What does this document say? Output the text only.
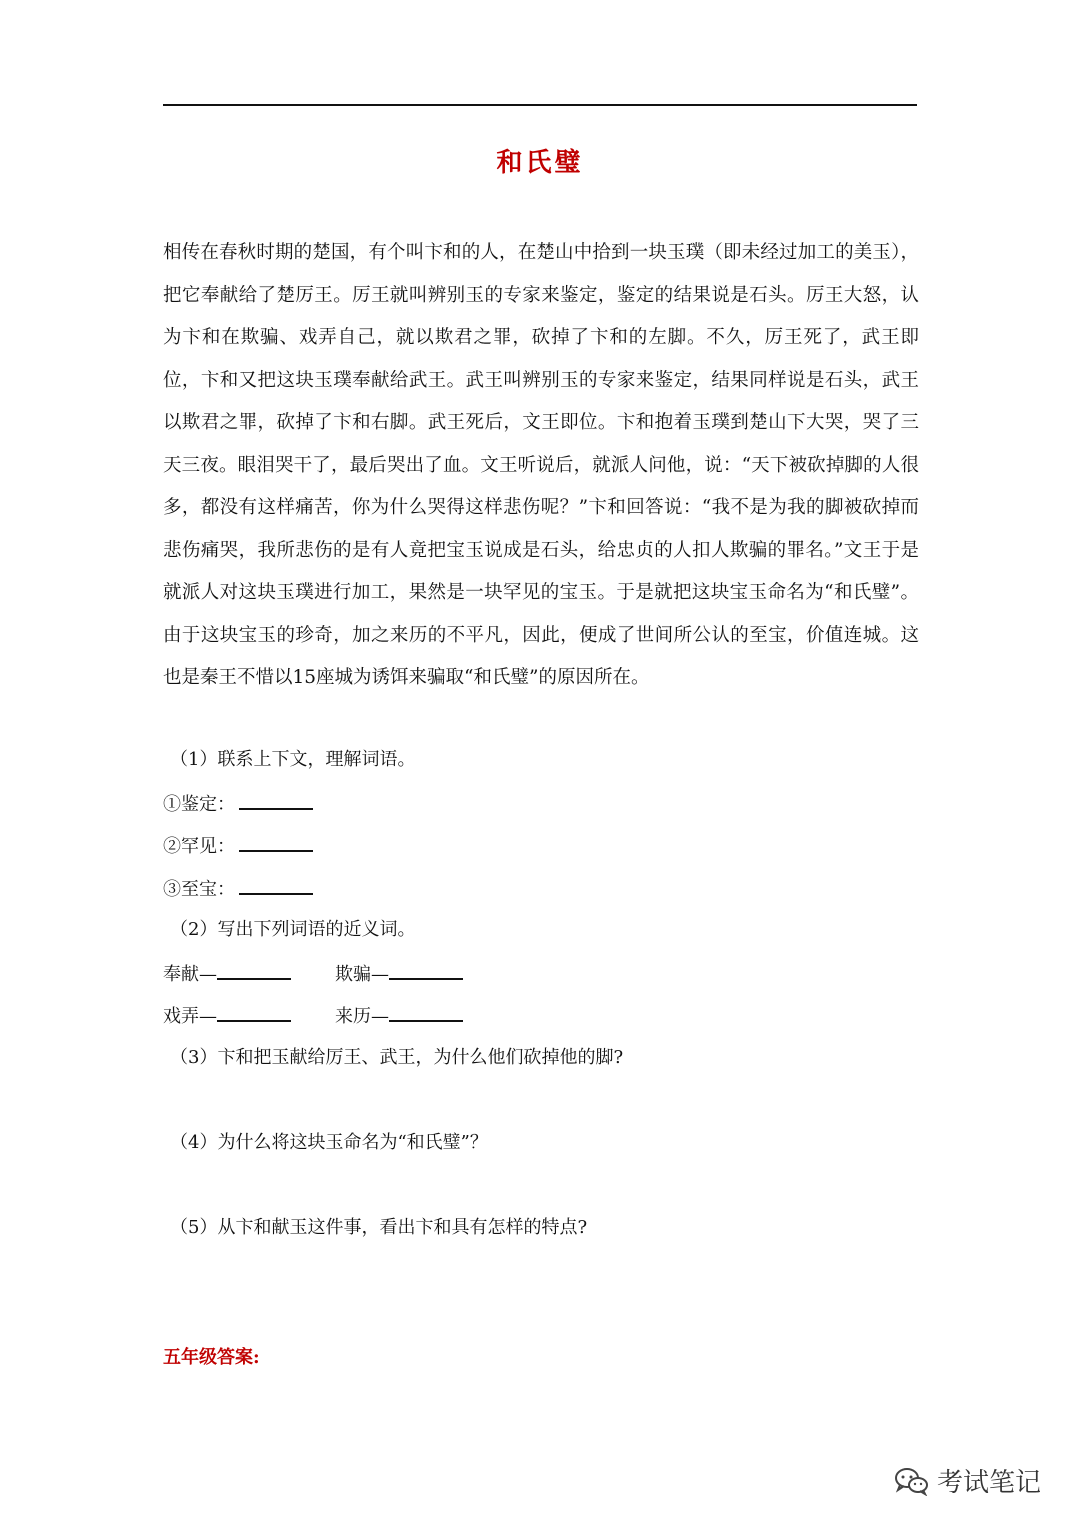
和氏璧

相传在春秋时期的楚国，有个叫卞和的人，在楚山中拾到一块玉璞（即未经过加工的美玉），把它奉献给了楚厉王。厉王就叫辨别玉的专家来鉴定，鉴定的结果说是石头。厉王大怒，认为卞和在欺骗、戏弄自己，就以欺君之罪，砍掉了卞和的左脚。不久，厉王死了，武王即位，卞和又把这块玉璞奉献给武王。武王叫辨别玉的专家来鉴定，结果同样说是石头，武王以欺君之罪，砍掉了卞和右脚。武王死后，文王即位。卞和抱着玉璞到楚山下大哭，哭了三天三夜。眼泪哭干了，最后哭出了血。文王听说后，就派人问他，说：“天下被砍掉脚的人很多，都没有这样痛苦，你为什么哭得这样悲伤呢？”卞和回答说：“我不是为我的脚被砍掉而悲伤痛哭，我所悲伤的是有人竟把宝玉说成是石头，给忠贞的人扣人欺骗的罪名。”文王于是就派人对这块玉璞进行加工，果然是一块罕见的宝玉。于是就把这块宝玉命名为“和氏璧”。由于这块宝玉的珍奇，加之来历的不平凡，因此，便成了世间所公认的至宝，价值连城。这也是秦王不惜以15座城为诱饵来骗取“和氏璧”的原因所在。

（1）联系上下文，理解词语。
①鉴定：
②罕见：
③至宝：
（2）写出下列词语的近义词。
奉献—	欺骗—
戏弄—	来历—
（3）卞和把玉献给厉王、武王，为什么他们砍掉他的脚?
（4）为什么将这块玉命名为“和氏璧”？
（5）从卞和献玉这件事，看出卞和具有怎样的特点?
五年级答案:
考试笔记
